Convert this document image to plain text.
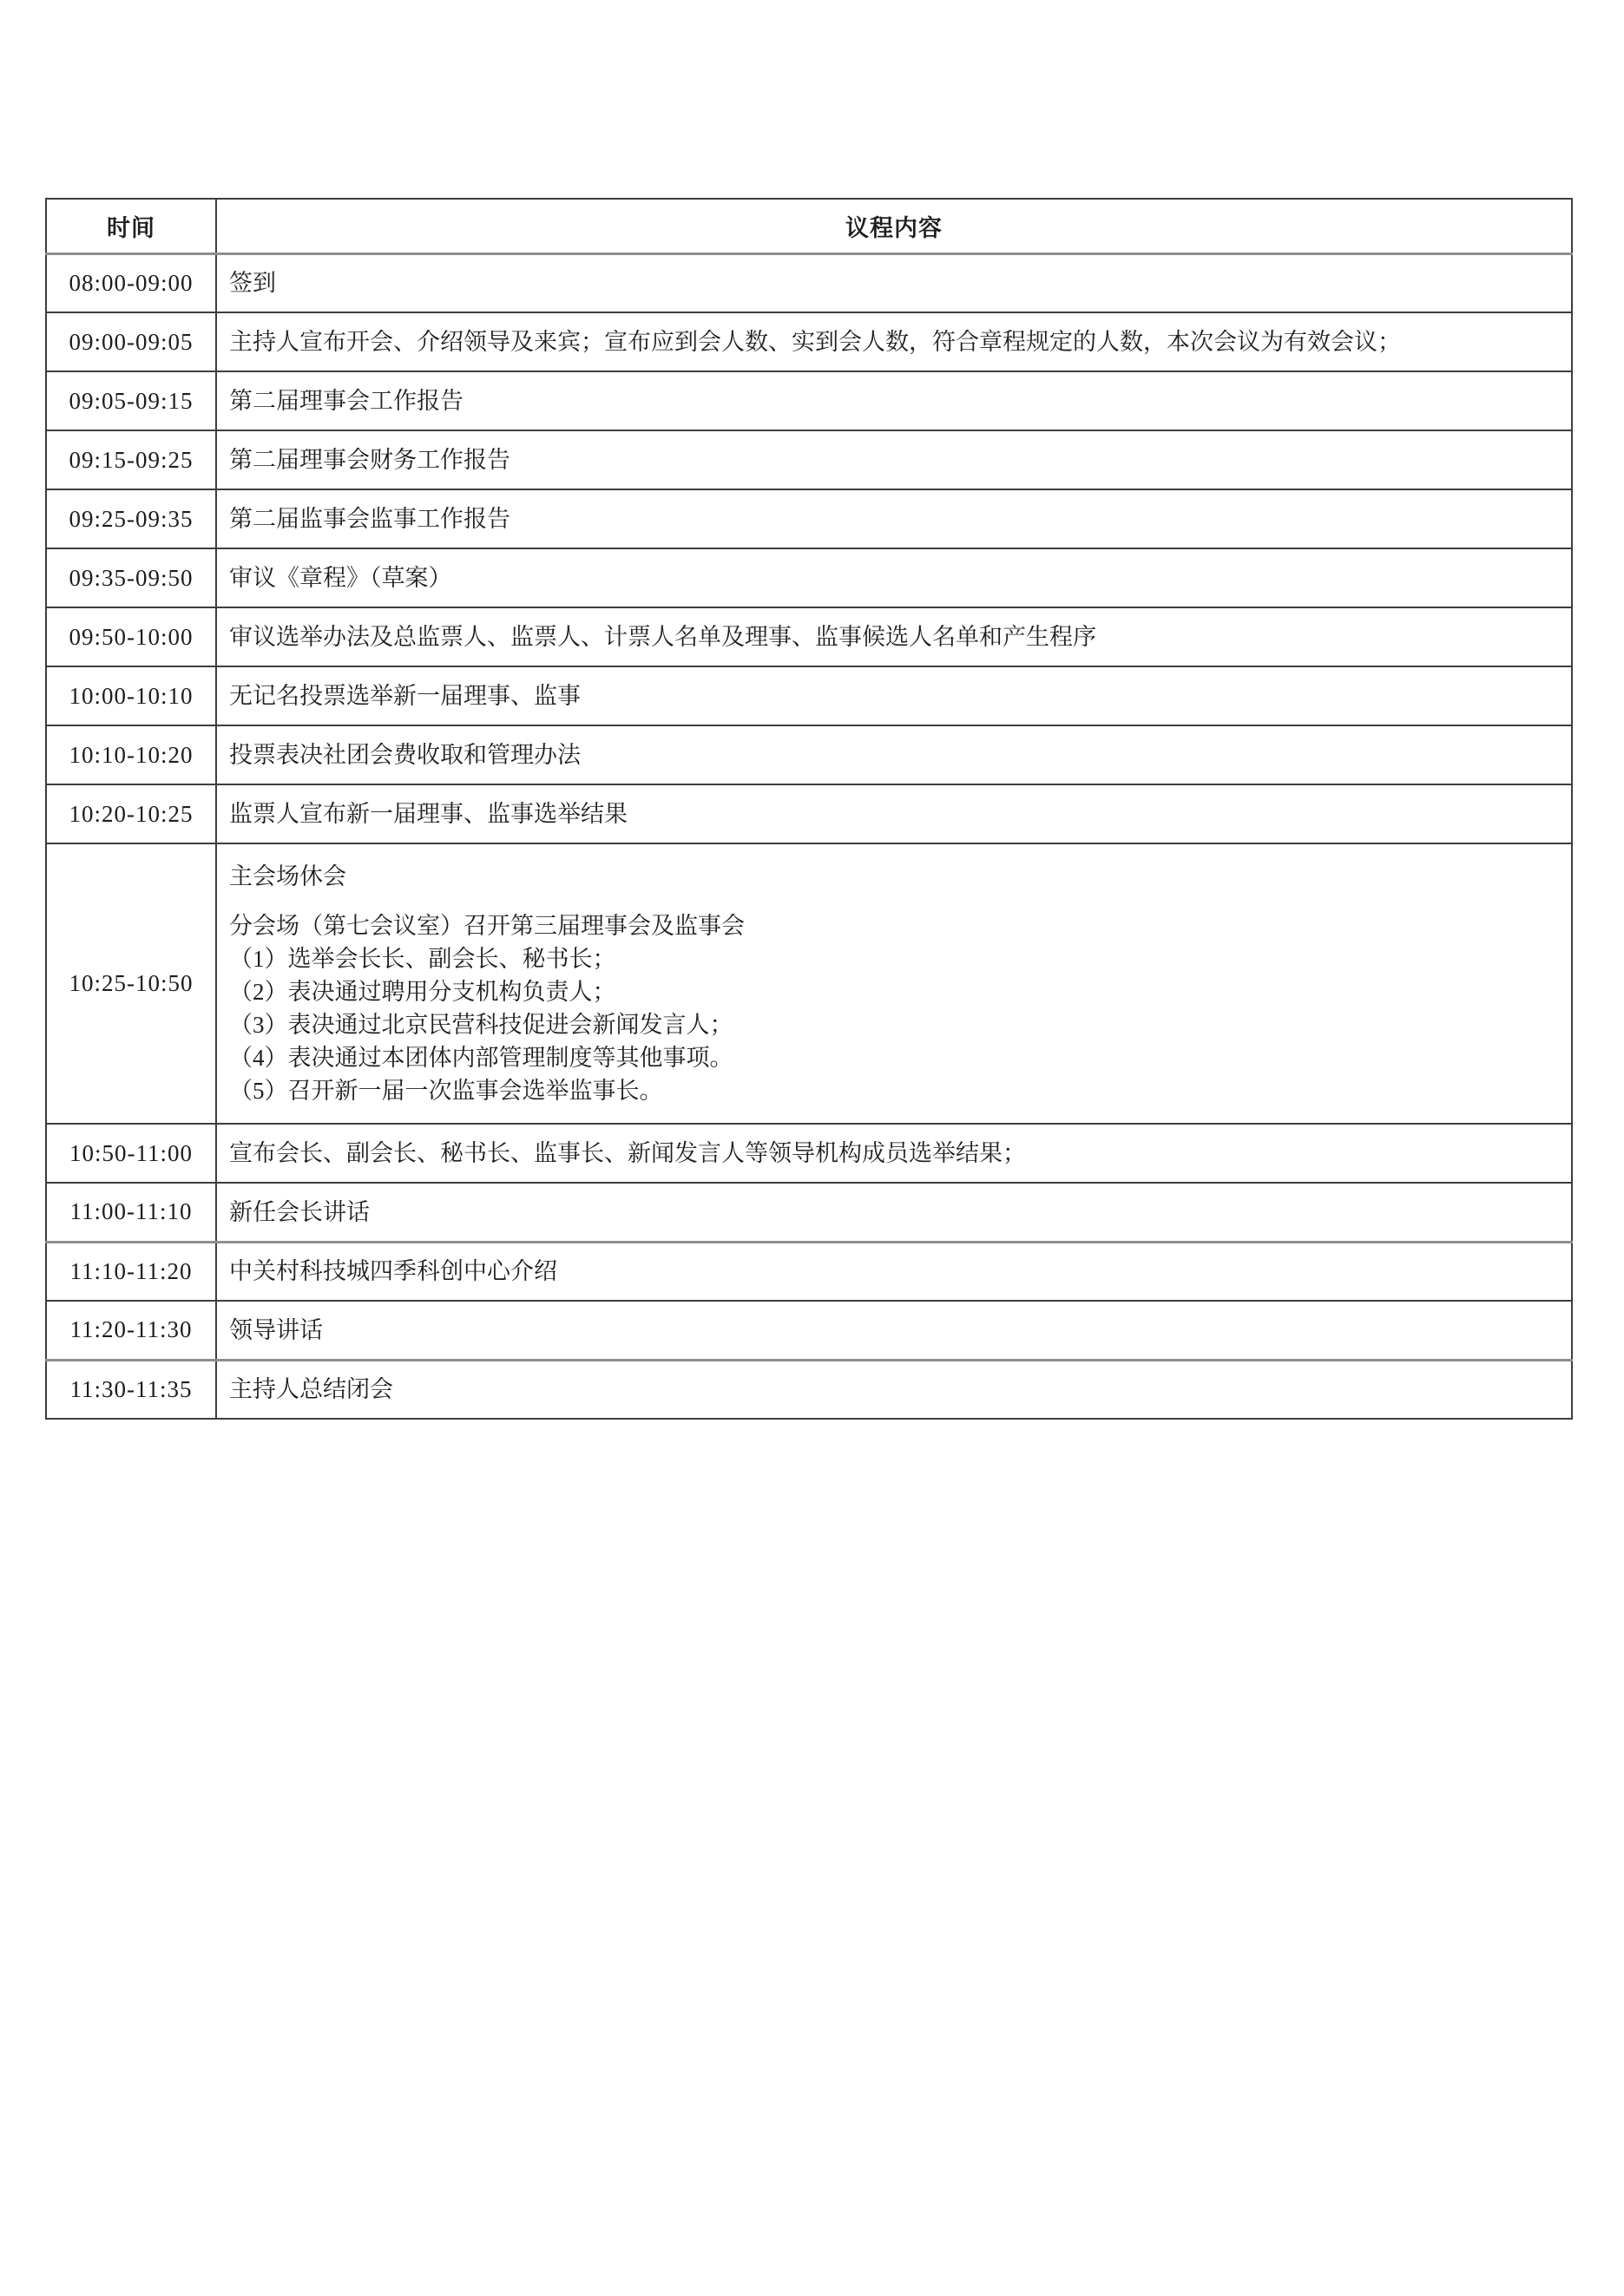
时间	议程内容
08:00-09:00	签到
09:00-09:05	主持人宣布开会、介绍领导及来宾；宣布应到会人数、实到会人数，符合章程规定的人数，本次会议为有效会议；
09:05-09:15	第二届理事会工作报告
09:15-09:25	第二届理事会财务工作报告
09:25-09:35	第二届监事会监事工作报告
09:35-09:50	审议《章程》（草案）
09:50-10:00	审议选举办法及总监票人、监票人、计票人名单及理事、监事候选人名单和产生程序
10:00-10:10	无记名投票选举新一届理事、监事
10:10-10:20	投票表决社团会费收取和管理办法
10:20-10:25	监票人宣布新一届理事、监事选举结果
10:25-10:50	
主会场休会
分会场（第七会议室）召开第三届理事会及监事会
（1）选举会长长、副会长、秘书长；
（2）表决通过聘用分支机构负责人；
（3）表决通过北京民营科技促进会新闻发言人；
（4）表决通过本团体内部管理制度等其他事项。
（5）召开新一届一次监事会选举监事长。

10:50-11:00	宣布会长、副会长、秘书长、监事长、新闻发言人等领导机构成员选举结果；
11:00-11:10	新任会长讲话
11:10-11:20	中关村科技城四季科创中心介绍
11:20-11:30	领导讲话
11:30-11:35	主持人总结闭会
